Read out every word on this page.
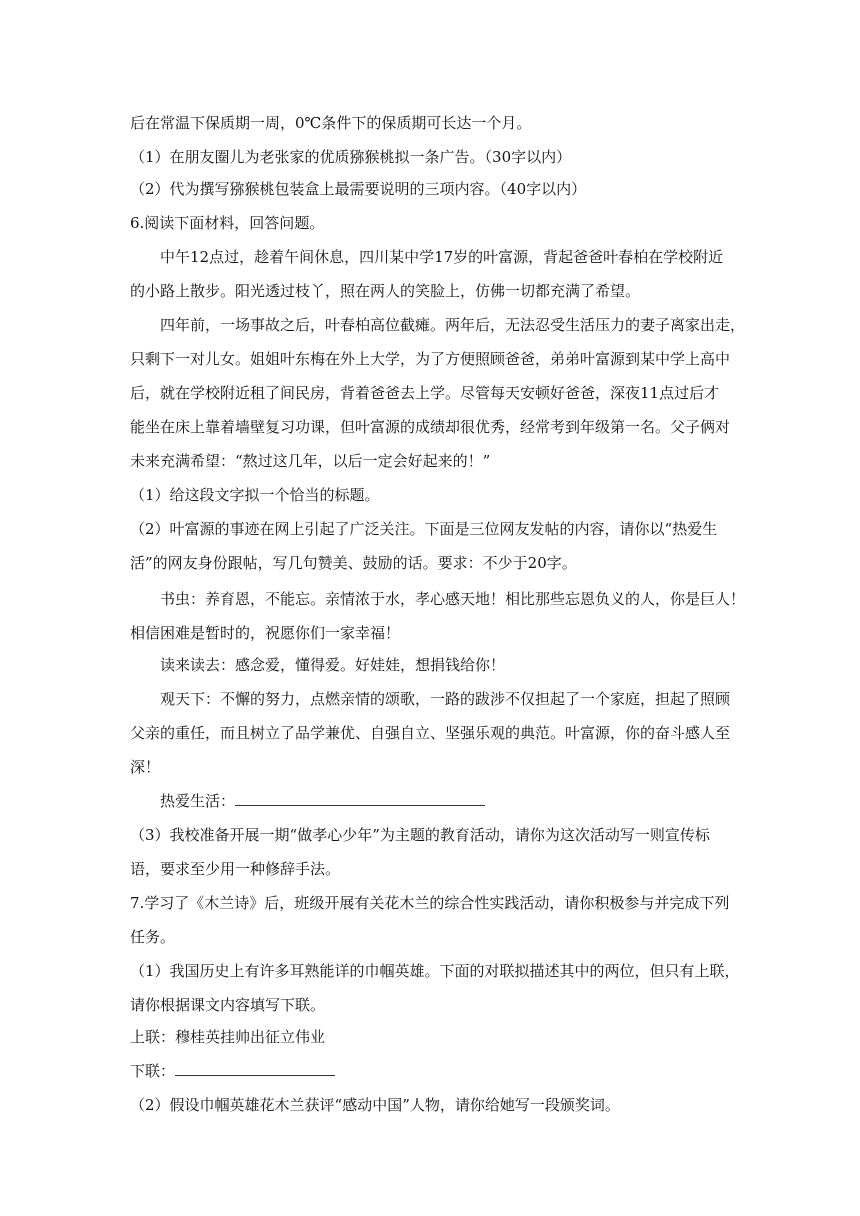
后在常温下保质期一周，0℃条件下的保质期可长达一个月。
（1）在朋友圈儿为老张家的优质猕猴桃拟一条广告。（30字以内）
（2）代为撰写猕猴桃包装盒上最需要说明的三项内容。（40字以内）
6.阅读下面材料，回答问题。
中午12点过，趁着午间休息，四川某中学17岁的叶富源，背起爸爸叶春柏在学校附近
的小路上散步。阳光透过枝丫，照在两人的笑脸上，仿佛一切都充满了希望。
四年前，一场事故之后，叶春柏高位截瘫。两年后，无法忍受生活压力的妻子离家出走，
只剩下一对儿女。姐姐叶东梅在外上大学，为了方便照顾爸爸，弟弟叶富源到某中学上高中
后，就在学校附近租了间民房，背着爸爸去上学。尽管每天安顿好爸爸，深夜11点过后才
能坐在床上靠着墙壁复习功课，但叶富源的成绩却很优秀，经常考到年级第一名。父子俩对
未来充满希望：“熬过这几年，以后一定会好起来的！”
（1）给这段文字拟一个恰当的标题。
（2）叶富源的事迹在网上引起了广泛关注。下面是三位网友发帖的内容，请你以“热爱生
活”的网友身份跟帖，写几句赞美、鼓励的话。要求：不少于20字。
书虫：养育恩，不能忘。亲情浓于水，孝心感天地！相比那些忘恩负义的人，你是巨人！
相信困难是暂时的，祝愿你们一家幸福！
读来读去：感念爱，懂得爱。好娃娃，想捐钱给你！
观天下：不懈的努力，点燃亲情的颂歌，一路的跋涉不仅担起了一个家庭，担起了照顾
父亲的重任，而且树立了品学兼优、自强自立、坚强乐观的典范。叶富源，你的奋斗感人至
深！
热爱生活：
（3）我校准备开展一期“做孝心少年”为主题的教育活动，请你为这次活动写一则宣传标
语，要求至少用一种修辞手法。
7.学习了《木兰诗》后，班级开展有关花木兰的综合性实践活动，请你积极参与并完成下列
任务。
（1）我国历史上有许多耳熟能详的巾帼英雄。下面的对联拟描述其中的两位，但只有上联，
请你根据课文内容填写下联。
上联：穆桂英挂帅出征立伟业
下联：
（2）假设巾帼英雄花木兰获评“感动中国”人物，请你给她写一段颁奖词。
